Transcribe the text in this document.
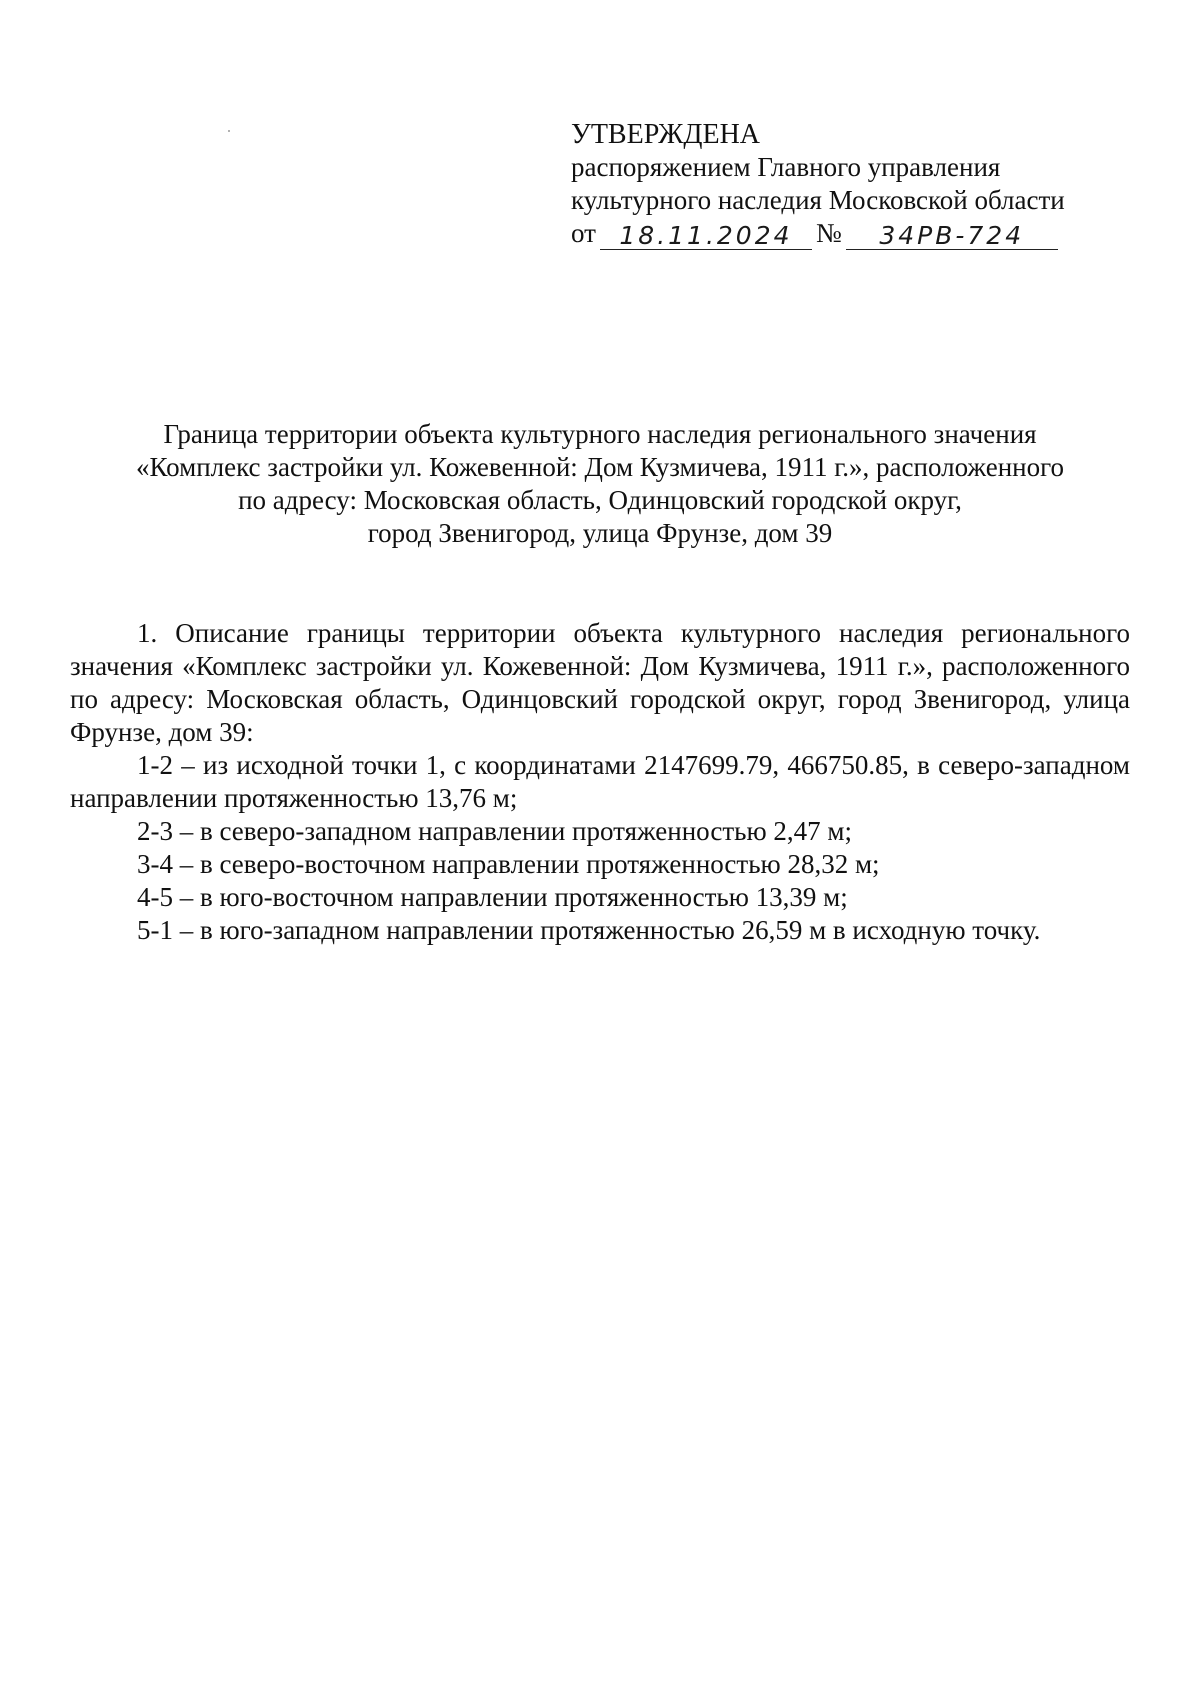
УТВЕРЖДЕНА
распоряжением Главного управления
культурного наследия Московской области
от 18.11.2024 №	34РВ-724
Граница территории объекта культурного наследия регионального значения
«Комплекс застройки ул. Кожевенной: Дом Кузмичева, 1911 г.», расположенного
по адресу: Московская область, Одинцовский городской округ,
город Звенигород, улица Фрунзе, дом 39

1. Описание границы территории объекта культурного наследия регионального значения «Комплекс застройки ул. Кожевенной: Дом Кузмичева, 1911 г.», расположенного по адресу: Московская область, Одинцовский городской округ, город Звенигород, улица Фрунзе, дом 39:

1-2 – из исходной точки 1, с координатами 2147699.79, 466750.85, в северо-западном направлении протяженностью 13,76 м;

2-3 – в северо-западном направлении протяженностью 2,47 м;

3-4 – в северо-восточном направлении протяженностью 28,32 м;

4-5 – в юго-восточном направлении протяженностью 13,39 м;

5-1 – в юго-западном направлении протяженностью 26,59 м в исходную точку.
